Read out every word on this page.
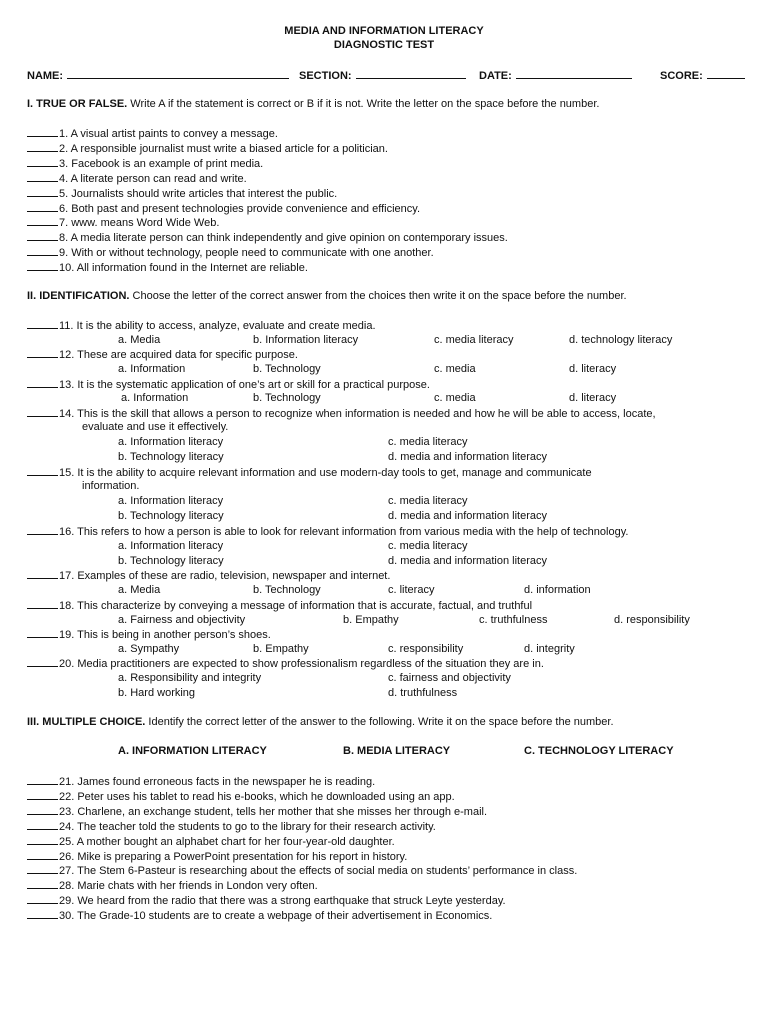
MEDIA AND INFORMATION LITERACY
DIAGNOSTIC TEST
NAME:	SECTION:	DATE:	SCORE:
I. TRUE OR FALSE. Write A if the statement is correct or B if it is not. Write the letter on the space before the number.
1. A visual artist paints to convey a message.
2. A responsible journalist must write a biased article for a politician.
3. Facebook is an example of print media.
4. A literate person can read and write.
5. Journalists should write articles that interest the public.
6. Both past and present technologies provide convenience and efficiency.
7. www. means Word Wide Web.
8. A media literate person can think independently and give opinion on contemporary issues.
9. With or without technology, people need to communicate with one another.
10. All information found in the Internet are reliable.
II. IDENTIFICATION. Choose the letter of the correct answer from the choices then write it on the space before the number.
11. It is the ability to access, analyze, evaluate and create media.
a. Media	b. Information literacy	c. media literacy	d. technology literacy
12. These are acquired data for specific purpose.
a. Information	b. Technology	c. media	d. literacy
13. It is the systematic application of one’s art or skill for a practical purpose.
a. Information	b. Technology	c. media	d. literacy
14. This is the skill that allows a person to recognize when information is needed and how he will be able to access, locate,
evaluate and use it effectively.
a. Information literacy	c. media literacy
b. Technology literacy	d. media and information literacy
15. It is the ability to acquire relevant information and use modern-day tools to get, manage and communicate
information.
a. Information literacy	c. media literacy
b. Technology literacy	d. media and information literacy
16. This refers to how a person is able to look for relevant information from various media with the help of technology.
a. Information literacy	c. media literacy
b. Technology literacy	d. media and information literacy
17. Examples of these are radio, television, newspaper and internet.
a. Media	b. Technology	c. literacy	d. information
18. This characterize by conveying a message of information that is accurate, factual, and truthful
a. Fairness and objectivity	b. Empathy	c. truthfulness	d. responsibility
19. This is being in another person’s shoes.
a. Sympathy	b. Empathy	c. responsibility	d. integrity
20. Media practitioners are expected to show professionalism regardless of the situation they are in.
a. Responsibility and integrity	c. fairness and objectivity
b. Hard working	d. truthfulness
III. MULTIPLE CHOICE. Identify the correct letter of the answer to the following. Write it on the space before the number.
A. INFORMATION LITERACY	B. MEDIA LITERACY	C. TECHNOLOGY LITERACY
21. James found erroneous facts in the newspaper he is reading.
22. Peter uses his tablet to read his e-books, which he downloaded using an app.
23. Charlene, an exchange student, tells her mother that she misses her through e-mail.
24. The teacher told the students to go to the library for their research activity.
25. A mother bought an alphabet chart for her four-year-old daughter.
26. Mike is preparing a PowerPoint presentation for his report in history.
27. The Stem 6-Pasteur is researching about the effects of social media on students’ performance in class.
28. Marie chats with her friends in London very often.
29. We heard from the radio that there was a strong earthquake that struck Leyte yesterday.
30. The Grade-10 students are to create a webpage of their advertisement in Economics.
